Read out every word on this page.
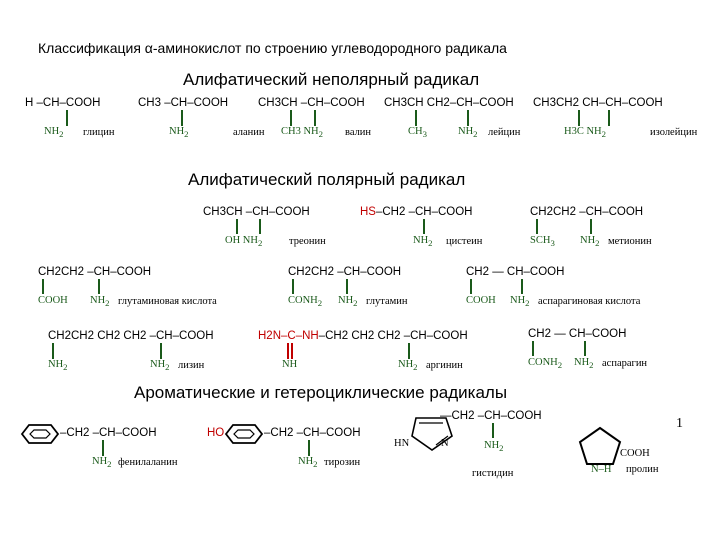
Классификация α-аминокислот по строению углеводородного радикала
Алифатический неполярный радикал
H –CH–COOH
$NH_2$ глицин
CH3 –CH–COOH
$NH_2$	аланин
CH3CH –CH–COOH
CH3 $NH_2$ валин
CH3CH CH2–CH–COOH
$CH_3$	$NH_2$ лейцин
CH3CH2 CH–CH–COOH
H3C $NH_2$	изолейцин
Алифатический полярный радикал
CH3CH –CH–COOH
OH $NH_2$	треонин
HS–CH2 –CH–COOH
$NH_2$ цистеин
CH2CH2 –CH–COOH
$SCH_3$ $NH_2$ метионин
CH2CH2 –CH–COOH
COOH $NH_2$ глутаминовая кислота
CH2CH2 –CH–COOH
$CONH_2$ $NH_2$ глутамин
CH2 — CH–COOH
COOH $NH_2$ аспарагиновая кислота
CH2CH2 CH2 CH2 –CH–COOH
$NH_2$	$NH_2$ лизин
H2N–C–NH–CH2 CH2 CH2 –CH–COOH
NH	$NH_2$ аргинин
CH2 — CH–COOH
$CONH_2$ $NH_2$ аспарагин
Ароматические и гетероциклические радикалы
1
–CH2 –CH–COOH
$NH_2$ фенилаланин
HO	–CH2 –CH–COOH
$NH_2$ тирозин
—CH2 –CH–COOH
HN	N	$NH_2$
гистидин
COOH
N–H пролин
